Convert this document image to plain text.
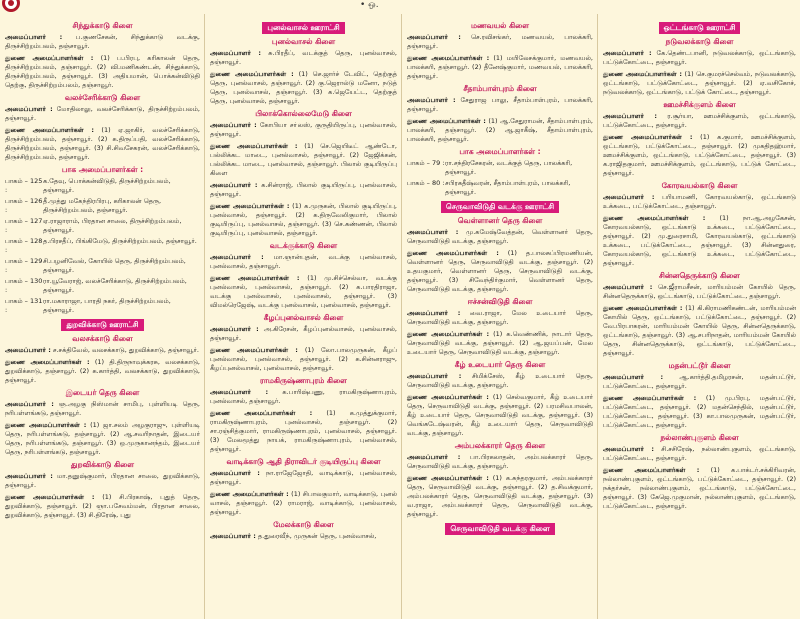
• ஒ.
சிந்துக்காடு கிளை

அமைப்பாளர் : ப.குணசேகன், சிந்துக்காடு வடக்கு, திருச்சிற்றம்பலம், தஞ்சாவூர்.

துணை அமைப்பாளர்கள் : (1) ப.பிரபு, கரிகாலன் தெரு, திருச்சிற்றம்பலம், தஞ்சாவூர். (2) வி.மணிகண்டன், சிந்துக்காடு, திருச்சிற்றம்பலம், தஞ்சாவூர். (3) அதியமான், பொக்கன்விடுதி தெற்கு, திருச்சிற்றம்பலம், தஞ்சாவூர்.

வலச்சேரிக்காடு கிளை

அமைப்பாளர் : மோதிலாலு, வலச்சேரிக்காடு, திருச்சிற்றம்பலம், தஞ்சாவூர்.

துணை அமைப்பாளர்கள் : (1) ஏ.ஜாகிர், வலச்சேரிக்காடு, திருச்சிற்றம்பலம், தஞ்சாவூர். (2) க.திருப்பதி, வலச்சேரிக்காடு, திருச்சிற்றம்பலம், தஞ்சாவூர். (3) சி.சிவசேகரன், வலச்சேரிக்காடு, திருச்சிற்றம்பலம், தஞ்சாவூர்.

பாக அமைப்பாளர்கள் :
பாகம் – 125 :
க.தேவு, பொக்கன்விடுதி, திருச்சிற்றம்பலம், தஞ்சாவூர்.
பாகம் – 126 :
தீ.முத்து மகேந்திரபிரபு, கரிகாலன் தெரு, திருச்சிற்றம்பலம், தஞ்சாவூர்.
பாகம் – 127 :
ஏ.ராஜாராம், பிரதான சாலை, திருச்சிற்றம்பலம், தஞ்சாவூர்.
பாகம் – 128 :
த.பிரசதீப், பிங்கிமேடு, திருச்சிற்றம்பலம், தஞ்சாவூர்.
பாகம் – 129 :
சி.பழனிவேல், கோயில் தெரு, திருச்சிற்றம்பலம், தஞ்சாவூர்.
பாகம் – 130 :
ரா.யூவேராஜ், வலச்சேரிக்காடு, திருச்சிற்றம்பலம், தஞ்சாவூர்.
பாகம் – 131 :
ரா.மகாராஜா, பாரதி நகர், திருச்சிற்றம்பலம், தஞ்சாவூர்.
துறவிக்காடு ஊராட்சி
வலசக்காடு கிளை

அமைப்பாளர் : ச.சக்திவேல், வலசக்காடு, துறவிக்காடு, தஞ்சாவூர்.

துணை அமைப்பாளர்கள் : (1) தி.திருநாவுக்கரசு, வலசக்காடு, துறவிக்காடு, தஞ்சாவூர். (2) க.கார்த்தி, வலசக்காடு, துறவிக்காடு, தஞ்சாவூர்.

இடையர் தெரு கிளை

அமைப்பாளர் : ஞ.அழகு நிஸ்மான் சாமிபு, புள்ளியடி தெரு, நரிபள்ளங்கடு, தஞ்சாவூர்.

துணை அமைப்பாளர்கள் : (1) ஜா.சலம் அழகுராஜு, புள்ளியடி தெரு, நரிபள்ளங்கடு, தஞ்சாவூர். (2) ஆ.சவரிநாதன், இடையர் தெரு, நரிபள்ளங்கடு, தஞ்சாவூர். (3) ஒ.முருகானந்தம், இடையர் தெரு, நரிபள்ளங்கடு, தஞ்சாவூர்.

துறவிக்காடு கிளை

அமைப்பாளர் : மா.தனுஷ்குமார், பிரதான சாலை, துறவிக்காடு, தஞ்சாவூர்.

துணை அமைப்பாளர்கள் : (1) சி.பிரகாஷ், புதுத் தெரு, துறவிக்காடு, தஞ்சாவூர். (2) ஞா.பசேவம்மன், பிரதான சாலை, துறவிக்காடு, தஞ்சாவூர். (3) சி.திரேஷ், புது

புனல்வாசல் ஊராட்சி
புனல்வாசல் கிளை

அமைப்பாளர் : சு.பிரதீப், வடக்குத் தெரு, புனல்வாசல், தஞ்சாவூர்.

துணை அமைப்பாளர்கள் : (1) செ.ஜார்ச் டேவிட், தெற்குத் தெரு, புனல்வாசல், தஞ்சாவூர். (2) கு.ஜெரால்டு மனோ, நடுத் தெரு, புனல்வாசல், தஞ்சாவூர். (3) க.ஜெயேட்ட, தெற்குத் தெரு, புனல்வாசல், தஞ்சாவூர்.

பிலாக்கொல்லைமேடு கிளை

அமைப்பாளர் : கோபியா சா்லஸ், குருதியிருப்பு, புனல்வாசல், தஞ்சாவூர்.

துணை அமைப்பாளர்கள் : (1) செ.ஜெயிடீட் ஆண்டோ, பல்லிக்கட மாடை, புனல்வாசல், தஞ்சாவூர். (2) ஜேஜிக்கன், பல்லிக்கட மாடை, புனல்வாசல், தஞ்சாவூர். பிலால் குடியிருப்பு கிளை

அமைப்பாளர் : க.சின்ராஜ், பிலால் குடியிருப்பு, புனல்வாசல், தஞ்சாவூர்.

துணை அமைப்பாளர்கள் : (1) க.முருகன், பிலால் குடியிருப்பு, புனல்வாசல், தஞ்சாவூர். (2) க.திருவேலிகுமார், பிலால் குடியிருப்பு, புனல்வாசல், தஞ்சாவூர். (3) செ.கண்ணன், பிலால் குடியிருப்பு, புனல்வாசல், தஞ்சாவூர்.

வடக்குக்காடு கிளை

அமைப்பாளர் : மா.ஞான்புதன், வடக்கு புனல்வாசல், புனல்வாசல், தஞ்சாவூர்.

துணை அமைப்பாளர்கள் : (1) மு.சிச்செல்வா, வடக்கு புனல்வாசல், புனல்வாசல், தஞ்சாவூர். (2) க.பாரதிராஜா, வடக்கு புனல்வாசல், புனல்வாசல், தஞ்சாவூர். (3) விமல்ரெஜேஷ், வடக்கு புனல்வாசல், புனல்வாசல், தஞ்சாவூர்.

கீழப்புனல்வாசல் கிளை

அமைப்பாளர் : அ.கிரேசன், கீழப்புனல்வாசல், புனல்வாசல், தஞ்சாவூர்.

துணை அமைப்பாளர்கள் : (1) லோ.பாலமுருகன், கீழப் புனல்வாசல், புனல்வாசல், தஞ்சாவூர். (2) க.சின்னராஜு, கீழப்புனல்வாசல், புனல்வாசல், தஞ்சாவூர்.

ராமகிருஷ்ணாபுரம் கிளை

அமைப்பாளர் : க.பாரிஷ்பணு, ராமகிருஷ்ணாபுரம், புனல்வாசல், தஞ்சாவூர்.

துணை அமைப்பாளர்கள் : (1) க.முத்துக்குமார், ராமகிருஷ்ணாபுரம், புனல்வாசல், தஞ்சாவூர். (2) சா.ரஞ்சித்குமார், ராமகிருஷ்ணாபுரம், புனல்வாசல், தஞ்சாவூர். (3) மேலமூத்து நாயக், ராமகிருஷ்ணாபுரம், புனல்வாசல், தஞ்சாவூர்.

வாடிக்காடு ஆதி திராவிடர் குடியிருப்பு கிளை

அமைப்பாளர் : நா.ராஜேஜோதி, வாடிக்காடு, புனல்வாசல், தஞ்சாவூர்.

துணை அமைப்பாளர்கள் : (1) சிபாலகுமார், வாடிக்காடு, புனல் வாசல், தஞ்சாவூர். (2) ராமராஜ், வாடிக்காடு, புனல்வாசல், தஞ்சாவூர்.

மேலக்காடு கிளை

அமைப்பாளர் : த.துரைவீந், முருகன் தெரு, புனல்வாசல்,

மணவயல் கிளை

அமைப்பாளர் : செ.ரவிசங்கர், மணவயல், பாலக்கரி, தஞ்சாவூர்.

துணை அமைப்பாளர்கள் : (1) மயிலேசக்குமார், மணவயல், பாலக்கரி, தஞ்சாவூர். (2) தீனேஷ்குமார், மணவயல், பாலக்கரி, தஞ்சாவூர்.

சீதாம்பாள்புரம் கிளை

அமைப்பாளர் : சேதுராஜ பாலு, சீதாம்பாள்புரம், பாலக்கரி, தஞ்சாவூர்.

துணை அமைப்பாளர்கள் : (1) ஆ.சேதுராமன், சீதாம்பாள்புரம், பாலக்கரி, தஞ்சாவூர். (2) ஆ.ஜாகீஷ், சீதாம்பாள்புரம், பாலக்கரி, தஞ்சாவூர்.

பாக அமைப்பாளர்கள் :
பாகம் – 79 : ரா.சந்திரசேகரன், வடக்குத் தெரு, பாலக்கரி, தஞ்சாவூர்.
பாகம் – 80 : சபிரகதீஷ்வரன், சீதாம்பாள்புரம், பாலக்கரி, தஞ்சாவூர்.
செருவாவிடுதி வடக்கு ஊராட்சி
வெள்ளானர் தெரு கிளை

அமைப்பாளர் : மு.கமேஷ்வேத்தன், வெள்ளானர் தெரு, செருவாவிடுதி வடக்கு, தஞ்சாவூர்.

துணை அமைப்பாளர்கள் : (1) த.பாலசுப்பிரமணியன், வெள்ளானர் தெரு, செருவாவிடுதி வடக்கு, தஞ்சாவூர். (2) உதயகுமார், வெள்ளானர் தெரு, செருவாவிடுதி வடக்கு, தஞ்சாவூர். (3) சிவேந்திர்குமார், வெள்ளானர் தெரு, செருவாவிடுதி வடக்கு, தஞ்சாவூர்.

ஈச்சன்விடுதி கிளை

அமைப்பாளர் : வை.ராஜா, மேல உடையார் தெரு, செருவாவிடுதி வடக்கு, தஞ்சாவூர்.

துணை அமைப்பாளர்கள் : (1) க.வெண்ணிக், நாடார் தெரு, செருவாவிடுதி வடக்கு, தஞ்சாவூர். (2) ஆ.ஜயப்பன், மேல உடையார் தெரு, செருவாவிடுதி வடக்கு, தஞ்சாவூர்.

கீழ் உடையார் தெரு கிளை

அமைப்பாளர் : சிமிக்சேஸ், கீழ் உடையார் தெரு, செருவாவிடுதி வடக்கு, தஞ்சாவூர்.

துணை அமைப்பாளர்கள் : (1) செல்வகுமார், கீழ் உடையார் தெரு, செருவாவிடுதி வடக்கு, தஞ்சாவூர். (2) பரமசிவபாலன், கீழ் உடையார் தெரு, செருவாவிடுதி வடக்கு, தஞ்சாவூர். (3) வெங்கடேஷ்வரன், கீழ் உடையார் தெரு, செருவாவிடுதி வடக்கு, தஞ்சாவூர்.

அம்பலக்காரர் தெரு கிளை

அமைப்பாளர் : பா.பிரகலாதன், அம்பலக்காரர் தெரு, செருவாவிடுதி வடக்கு, தஞ்சாவூர்.

துணை அமைப்பாளர்கள் : (1) க.சுந்தரகுமார், அம்பலக்காரர் தெரு, செருவாவிடுதி வடக்கு, தஞ்சாவூர். (2) த.சிவக்குமார், அம்பலக்காரர் தெரு, செருவாவிடுதி வடக்கு, தஞ்சாவூர். (3) வ.ராஜா, அம்பலக்காரர் தெரு, செருவாவிடுதி வடக்கு, தஞ்சாவூர்.

செருவாவிடுதி வடக்கு கிளை
ஒட்டங்காடு ஊராட்சி
நடுவலக்காடு கிளை

அமைப்பாளர் : கே.தெண்டபானி, நடுவலக்காடு, ஒட்டங்காடு, பட்டுக்கோட்டை, தஞ்சாவூர்.

துணை அமைப்பாளர்கள் : (1) செ.குமரச்செல்வம், நடுவலக்காடு, ஒட்டங்காடு, பட்டுக்கோட்டை, தஞ்சாவூர். (2) ஏ.வசிகோச், நடுவலக்காடு, ஒட்டங்காடு, பட்டுக் கோட்டை, தஞ்சாவூர்.

ஊமச்சிக்குளம் கிளை

அமைப்பாளர் : ர.சூர்யா, ஊமச்சிக்குளம், ஒட்டங்காடு, பட்டுக்கோட்டை, தஞ்சாவூர்.

துணை அமைப்பாளர்கள் : (1) க.குமார், ஊமச்சிக்குளம், ஒட்டங்காடு, பட்டுக்கோட்டை, தஞ்சாவூர். (2) முகதிதஹ்மார், ஊமச்சிக்குளம், ஒட்டங்காடு, பட்டுக்கோட்டை, தஞ்சாவூர். (3) க.ராஜிதகுமார், ஊமச்சிக்குளம், ஒட்டங்காடு, பட்டுக் கோட்டை, தஞ்சாவூர்.

கோரவயல்காடு கிளை

அமைப்பாளர் : பரியாமணி, கோரவயல்காடு, ஒட்டங்காடு உக்கடை, பட்டுக்கோட்டை, தஞ்சாவூர்.

துணை அமைப்பாளர்கள் : (1) நா.ஆ.அழகேசன், கோரவயல்காடு, ஒட்டங்காடு உக்கடை, பட்டுக்கோட்டை, தஞ்சாவூர். (2) மு.துரைசாமி, கோரவயல்காடு, ஒட்டங்காடு உக்கடை, பட்டுக்கோட்டை, தஞ்சாவூர். (3) சின்னதுரை, கோரவயல்காடு, ஒட்டங்காடு உக்கடை, பட்டுக்கோட்டை, தஞ்சாவூர்.

சின்னதெருக்காடு கிளை

அமைப்பாளர் : செ.ஜீராமசீசன், மாரியம்மன் கோயில் தெரு, சின்னதெருக்காடு, ஒட்டங்காடு, பட்டுக்கோட்டை, தஞ்சாவூர்.

துணை அமைப்பாளர்கள் : (1) கி.கிராமணிகண்டன், மாரியம்மன் கோயில் தெரு, ஒட்டங்காடு, பட்டுக்கோட்டை, தஞ்சாவூர். (2) வே.பிரபாகரன், மாரியம்மன் கோயில் தெரு, சின்னதெருக்காடு, ஒட்டங்காடு, தஞ்சாவூர். (3) ஆ.சபரிநாதன், மாரியம்மன் கோயில் தெரு, சின்னதெருக்காடு, ஒட்டங்காடு, பட்டுக்கோட்டை, தஞ்சாவூர்.

மதன்பட்டூர் கிளை

அமைப்பாளர் :	ஆ.கார்த்தி.தமிழரசன், மதன்பட்டூர், பட்டுக்கோட்டை, தஞ்சாவூர்.

துணை அமைப்பாளர்கள் : (1) மு.பிரபு, மதன்பட்டூர், பட்டுக்கோட்டை, தஞ்சாவூர். (2) மதன்செந்தில், மதன்பட்டூர், பட்டுக்கோட்டை, தஞ்சாவூர். (3) கா.பாலமுருகன், மதன்பட்டூர், பட்டுக்கோட்டை, தஞ்சாவூர்.

நல்லாண்புகுளம் கிளை

அமைப்பாளர் : சி.சசிரேஷ், நல்லாண்புகுளம், ஒட்டங்காடு, பட்டுக்கோட்டை, தஞ்சாவூர்.

துணை அமைப்பாளர்கள் : (1) க.பாக்டர்.சக்கிரிவரன், நல்லாண்புகுளம், ஒட்டங்காடு, பட்டுக்கோட்டை, தஞ்சாவூர். (2) நக்தர்சன், நல்லாண்புகுளம், ஒட்டங்காடு, பட்டுக்கோட்டை, தஞ்சாவூர். (3) கேஜெ.முகுமான், நல்லாண்புகுளம், ஒட்டங்காடு, பட்டுக்கோட்டை, தஞ்சாவூர்.
